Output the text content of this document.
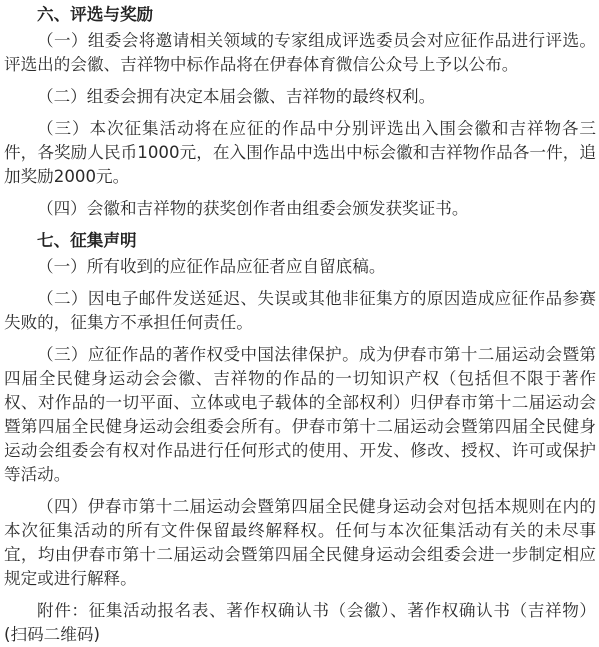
六、评选与奖励

（一）组委会将邀请相关领域的专家组成评选委员会对应征作品进行评选。评选出的会徽、吉祥物中标作品将在伊春体育微信公众号上予以公布。

（二）组委会拥有决定本届会徽、吉祥物的最终权利。

（三）本次征集活动将在应征的作品中分别评选出入围会徽和吉祥物各三件，各奖励人民币1000元，在入围作品中选出中标会徽和吉祥物作品各一件，追加奖励2000元。

（四）会徽和吉祥物的获奖创作者由组委会颁发获奖证书。

七、征集声明

（一）所有收到的应征作品应征者应自留底稿。

（二）因电子邮件发送延迟、失误或其他非征集方的原因造成应征作品参赛失败的，征集方不承担任何责任。

（三）应征作品的著作权受中国法律保护。成为伊春市第十二届运动会暨第四届全民健身运动会会徽、吉祥物的作品的一切知识产权（包括但不限于著作权、对作品的一切平面、立体或电子载体的全部权利）归伊春市第十二届运动会暨第四届全民健身运动会组委会所有。伊春市第十二届运动会暨第四届全民健身运动会组委会有权对作品进行任何形式的使用、开发、修改、授权、许可或保护等活动。

（四）伊春市第十二届运动会暨第四届全民健身运动会对包括本规则在内的本次征集活动的所有文件保留最终解释权。任何与本次征集活动有关的未尽事宜，均由伊春市第十二届运动会暨第四届全民健身运动会组委会进一步制定相应规定或进行解释。

附件：征集活动报名表、著作权确认书（会徽）、著作权确认书（吉祥物）(扫码二维码)
